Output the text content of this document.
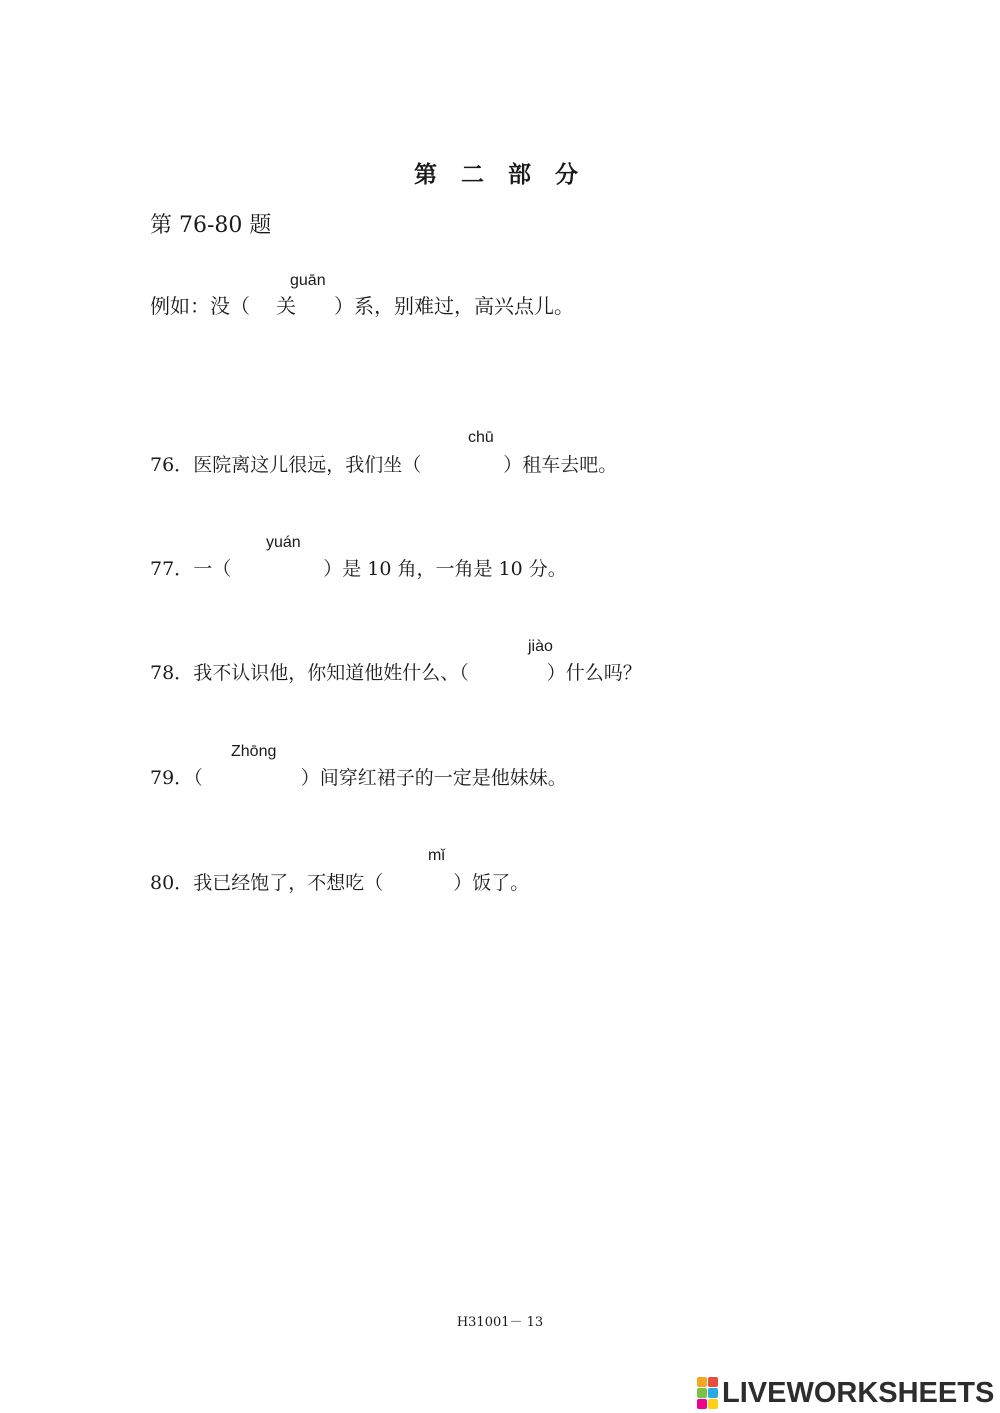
第 二 部 分
第 76-80 题
guān
例如：没（ 关 ）系，别难过，高兴点儿。
chū
76．医院离这儿很远，我们坐（	）租车去吧。
yuán
77．一（	）是 10 角，一角是 10 分。
jiào
78．我不认识他，你知道他姓什么、（	）什么吗？
Zhōng
79．（	）间穿红裙子的一定是他妹妹。
mǐ
80．我已经饱了，不想吃（	）饭了。
H31001－ 13
LIVEWORKSHEETS
